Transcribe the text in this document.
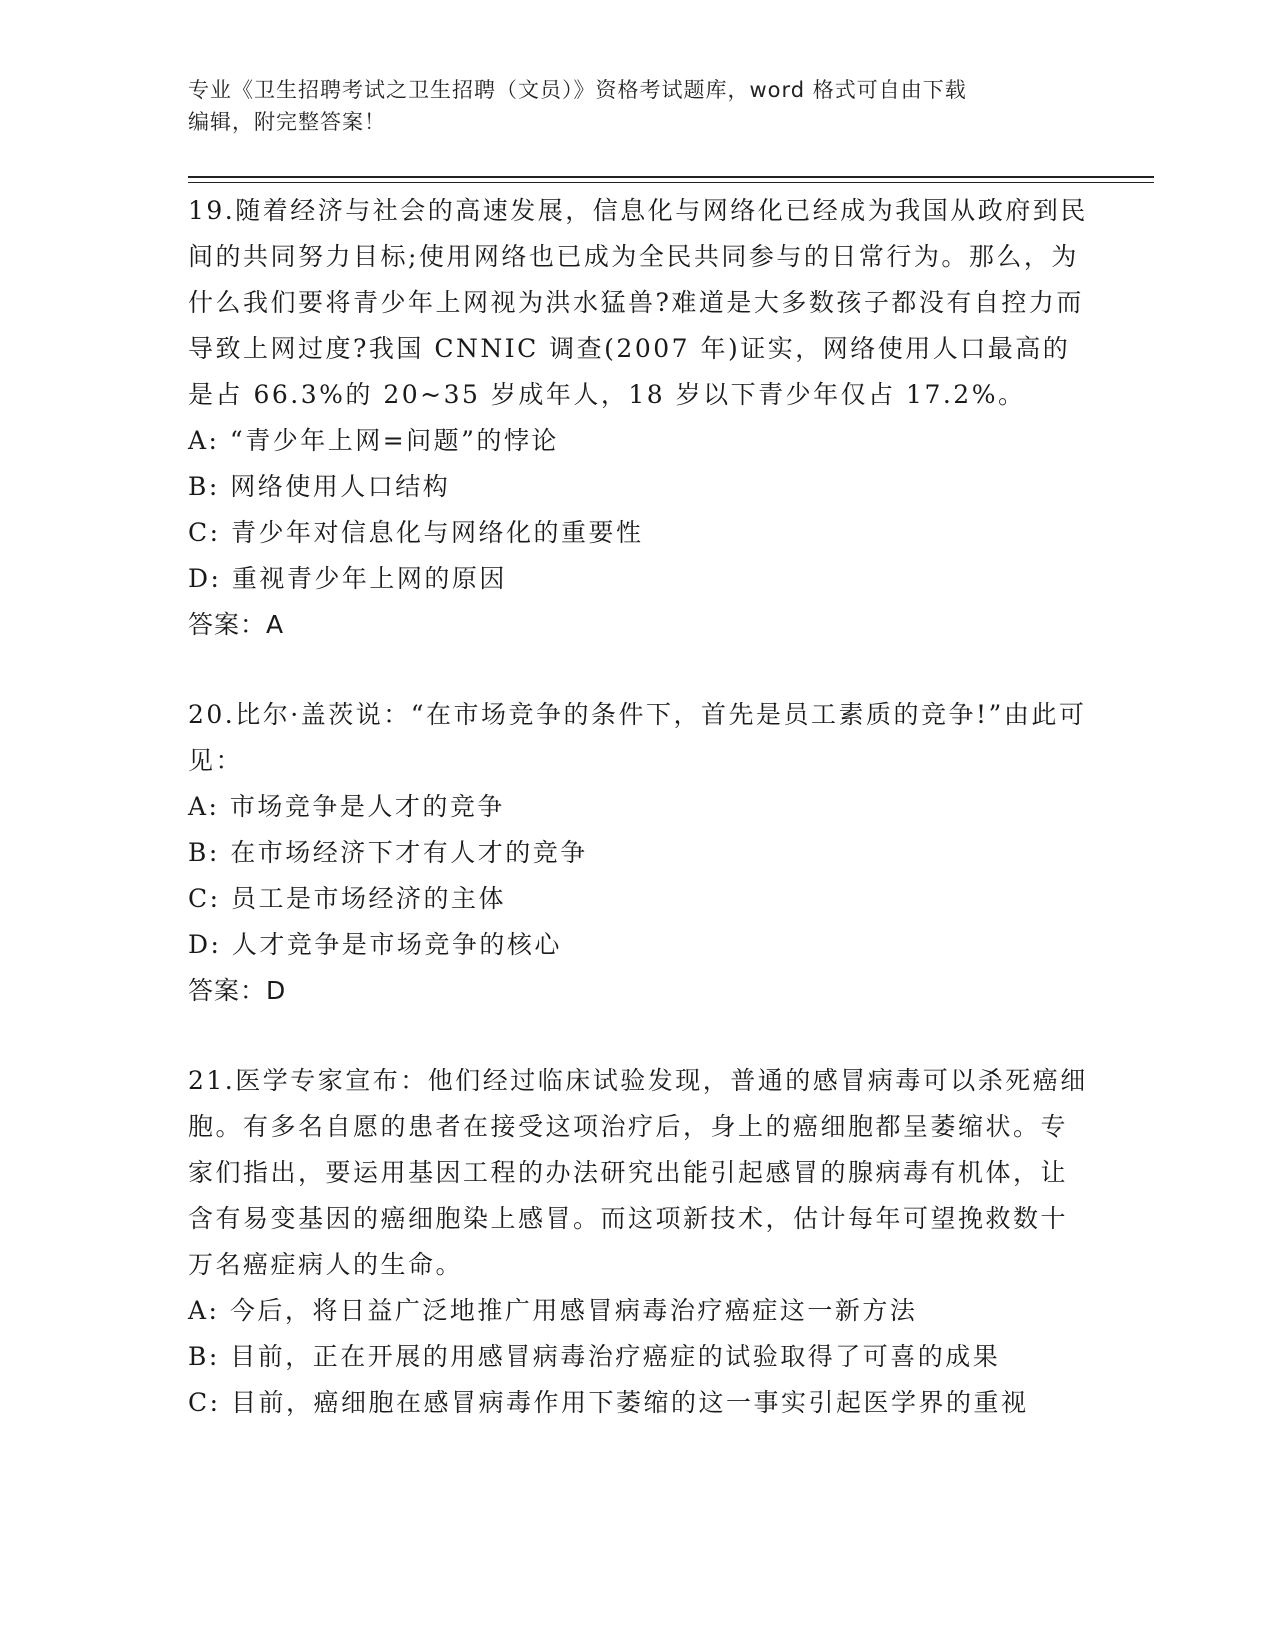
专业《卫生招聘考试之卫生招聘（文员）》资格考试题库，word 格式可自由下载
编辑，附完整答案！
19.随着经济与社会的高速发展，信息化与网络化已经成为我国从政府到民间的共同努力目标;使用网络也已成为全民共同参与的日常行为。那么，为什么我们要将青少年上网视为洪水猛兽?难道是大多数孩子都没有自控力而导致上网过度?我国 CNNIC 调查(2007 年)证实，网络使用人口最高的是占 66.3%的 20~35 岁成年人，18 岁以下青少年仅占 17.2%。
A: “青少年上网=问题”的悖论
B: 网络使用人口结构
C: 青少年对信息化与网络化的重要性
D: 重视青少年上网的原因
答案：A
20.比尔·盖茨说：“在市场竞争的条件下，首先是员工素质的竞争!”由此可见：
A: 市场竞争是人才的竞争
B: 在市场经济下才有人才的竞争
C: 员工是市场经济的主体
D: 人才竞争是市场竞争的核心
答案：D
21.医学专家宣布：他们经过临床试验发现，普通的感冒病毒可以杀死癌细胞。有多名自愿的患者在接受这项治疗后，身上的癌细胞都呈萎缩状。专家们指出，要运用基因工程的办法研究出能引起感冒的腺病毒有机体，让含有易变基因的癌细胞染上感冒。而这项新技术，估计每年可望挽救数十万名癌症病人的生命。
A: 今后，将日益广泛地推广用感冒病毒治疗癌症这一新方法
B: 目前，正在开展的用感冒病毒治疗癌症的试验取得了可喜的成果
C: 目前，癌细胞在感冒病毒作用下萎缩的这一事实引起医学界的重视
